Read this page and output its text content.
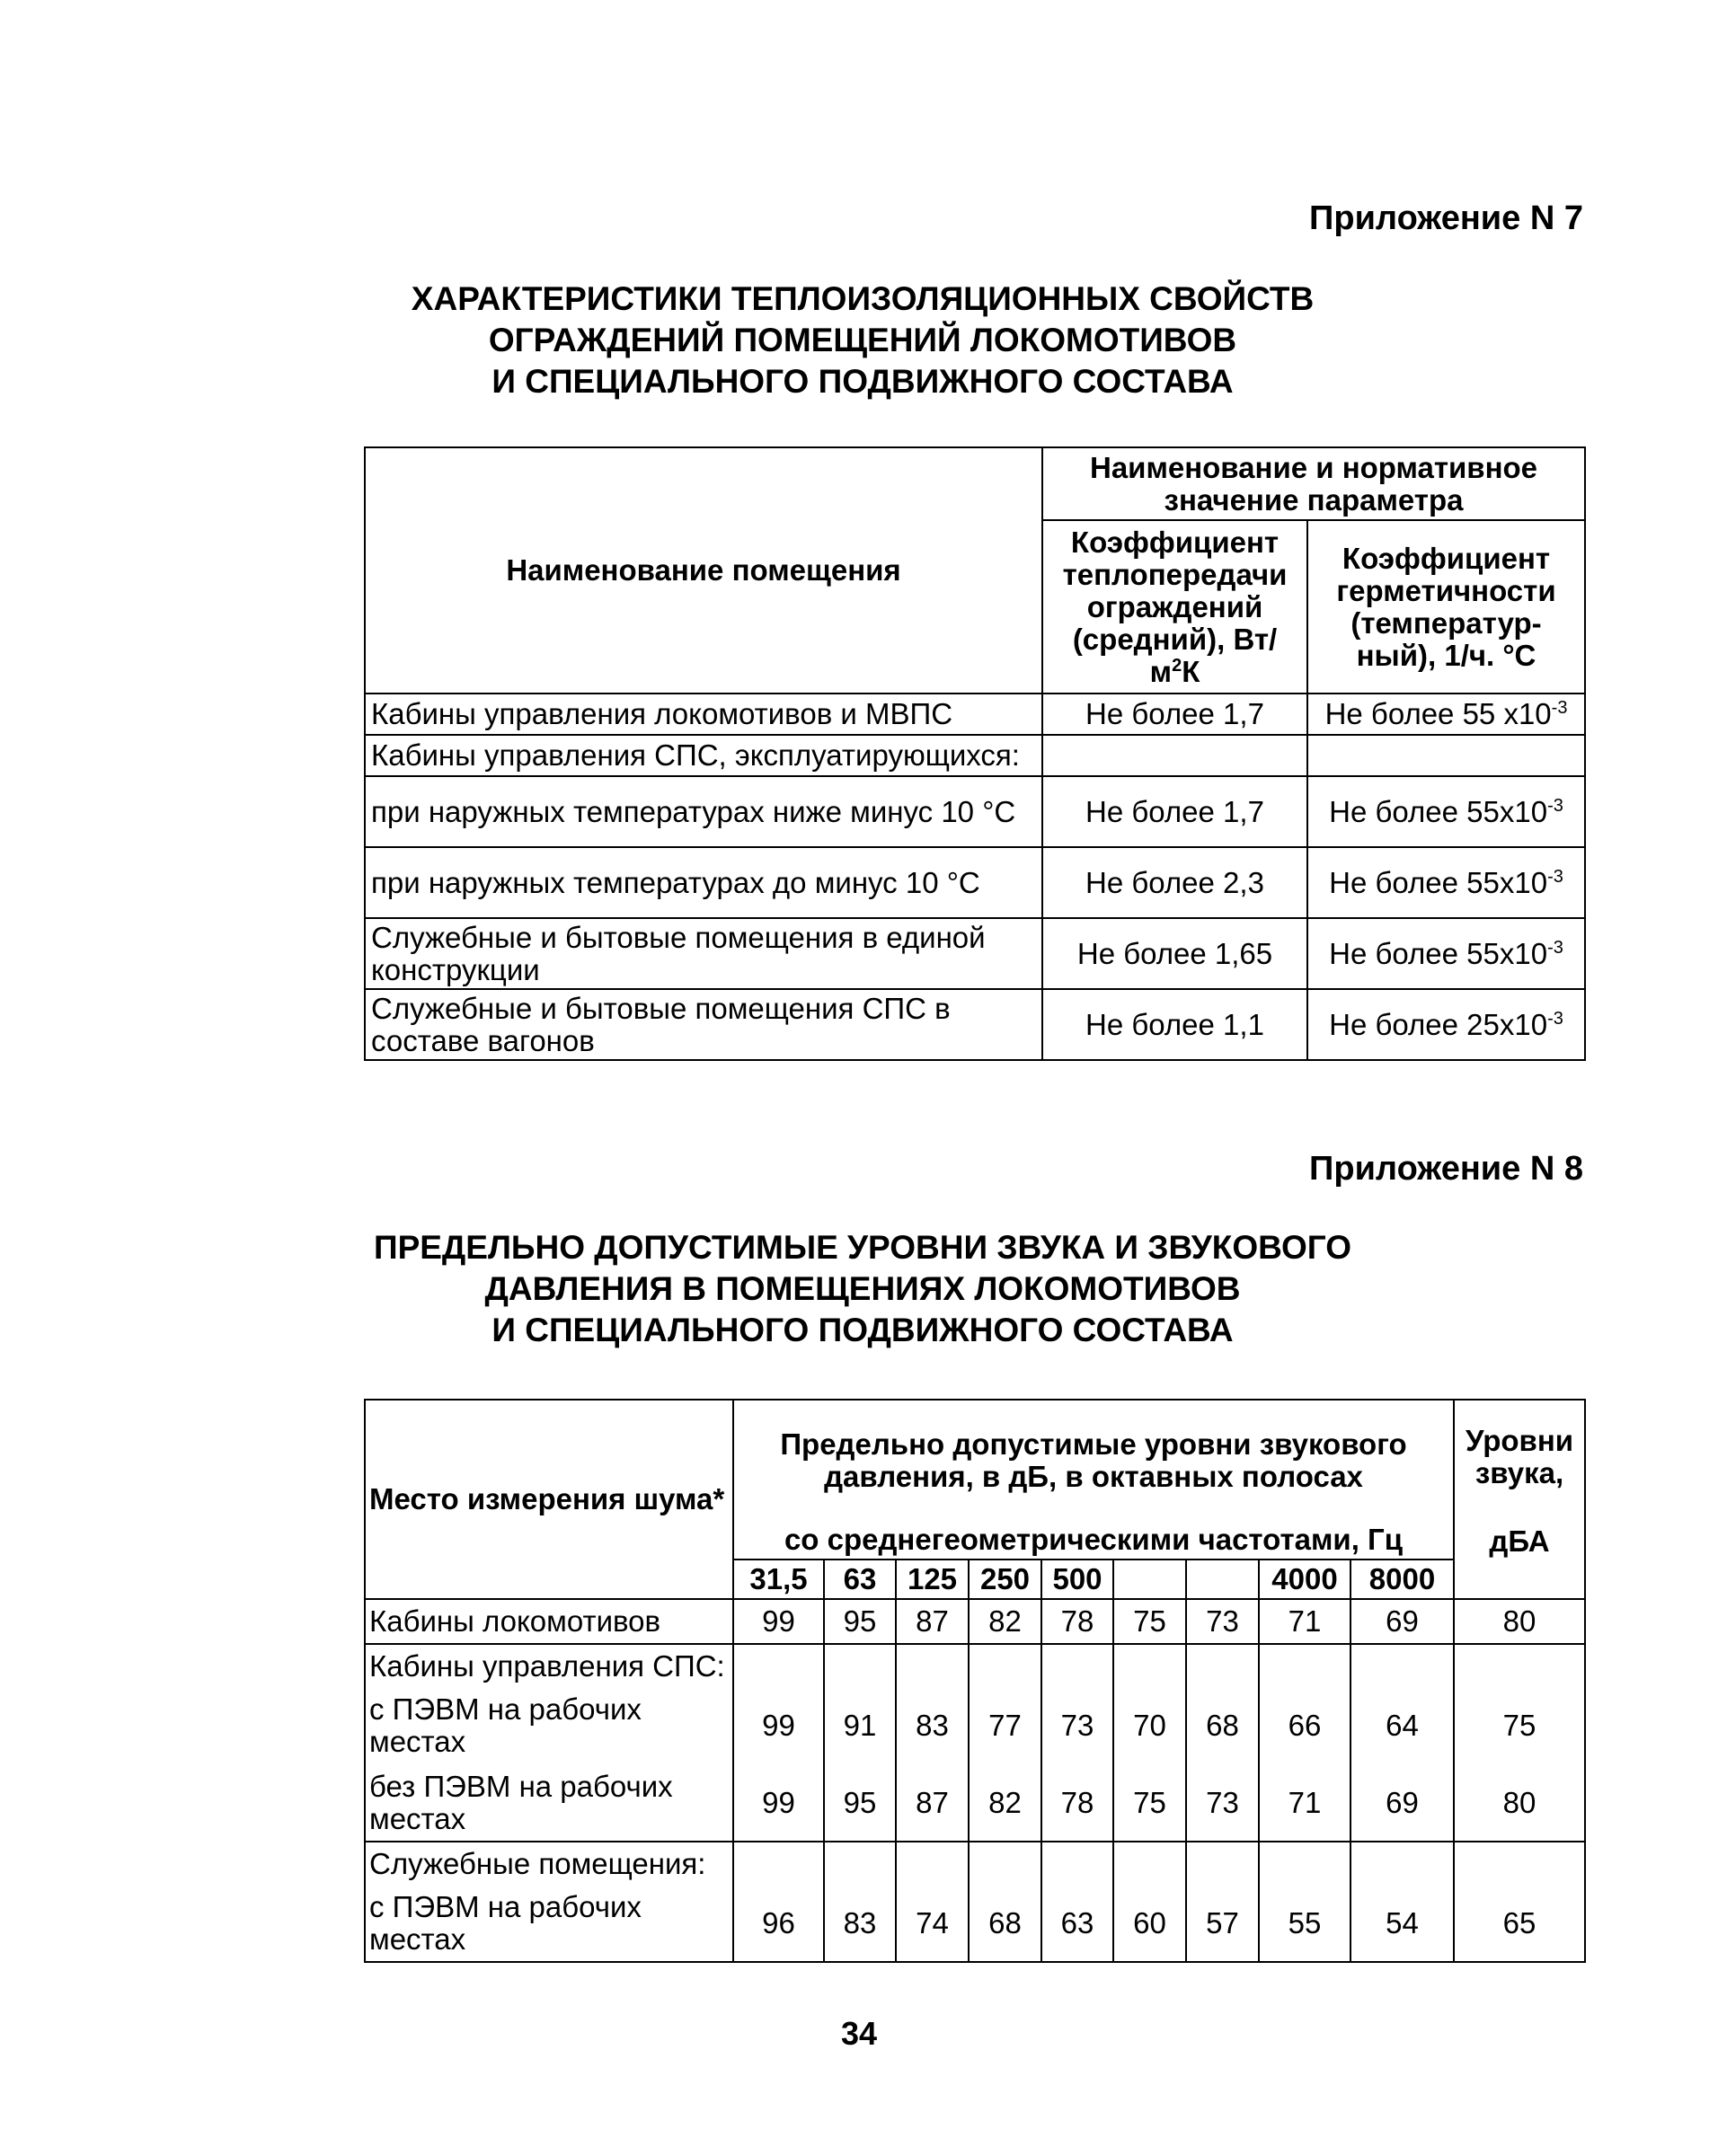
Приложение N 7
ХАРАКТЕРИСТИКИ ТЕПЛОИЗОЛЯЦИОННЫХ СВОЙСТВ
ОГРАЖДЕНИЙ ПОМЕЩЕНИЙ ЛОКОМОТИВОВ
И СПЕЦИАЛЬНОГО ПОДВИЖНОГО СОСТАВА
Наименование помещения	Наименование и нормативное значение параметра	
	Коэффициент теплопередачи ограждений (средний), Вт/ $м^2К$	Коэффициент герметичности (температур-ный), 1/ч. °С
Кабины управления локомотивов и МВПС	Не более 1,7	Не более 55 $х10^{-3}$
Кабины управления СПС, эксплуатирующихся:		
при наружных температурах ниже минус 10 °С	Не более 1,7	Не более $55х10^{-3}$
при наружных температурах до минус 10 °С	Не более 2,3	Не более $55х10^{-3}$
Служебные и бытовые помещения в единой конструкции	Не более 1,65	Не более $55х10^{-3}$
Служебные и бытовые помещения СПС в составе вагонов	Не более 1,1	Не более $25х10^{-3}$
Приложение N 8
ПРЕДЕЛЬНО ДОПУСТИМЫЕ УРОВНИ ЗВУКА И ЗВУКОВОГО
ДАВЛЕНИЯ В ПОМЕЩЕНИЯХ ЛОКОМОТИВОВ
И СПЕЦИАЛЬНОГО ПОДВИЖНОГО СОСТАВА
Место измерения шума*	Предельно допустимые уровни звукового давления, в дБ, в октавных полосах									Уровни звука,
	со среднегеометрическими частотами, Гц									дБА
	31,5	63	125	250	500			4000	8000	
Кабины локомотивов	99	95	87	82	78	75	73	71	69	80
Кабины управления СПС:										
с ПЭВМ на рабочих местах	99	91	83	77	73	70	68	66	64	75
без ПЭВМ на рабочих местах	99	95	87	82	78	75	73	71	69	80
Служебные помещения:										
с ПЭВМ на рабочих местах	96	83	74	68	63	60	57	55	54	65
34
